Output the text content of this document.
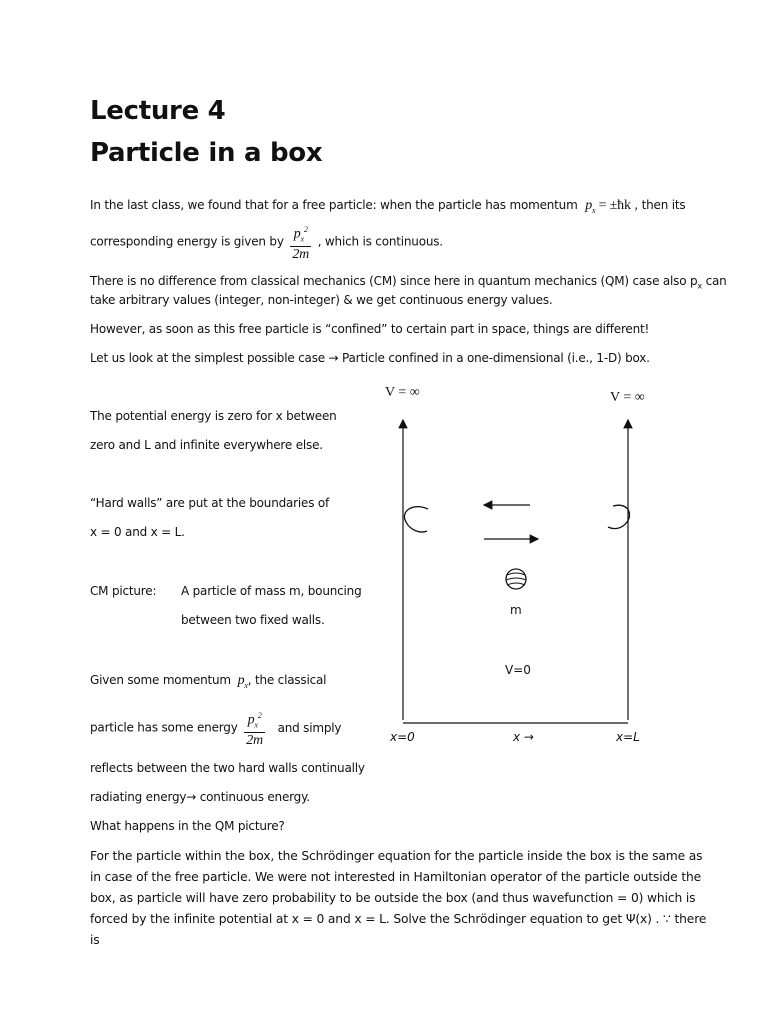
Lecture 4
Particle in a box
In the last class, we found that for a free particle: when the particle has momentum $p_x$ = ±ħk , then its
corresponding energy is given by $\frac{p_x^2}{2m}$ , which is continuous.
There is no difference from classical mechanics (CM) since here in quantum mechanics (QM) case also $p_x$ can
take arbitrary values (integer, non-integer) & we get continuous energy values.
However, as soon as this free particle is “confined” to certain part in space, things are different!
Let us look at the simplest possible case → Particle confined in a one-dimensional (i.e., 1-D) box.
The potential energy is zero for x between
zero and L and infinite everywhere else.
“Hard walls” are put at the boundaries of
x = 0 and x = L.
CM picture: A particle of mass m, bouncing
between two fixed walls.
Given some momentum $p_x$, the classical
particle has some energy $\frac{p_x^2}{2m}$ and simply
reflects between the two hard walls continually
radiating energy→ continuous energy.
What happens in the QM picture?
For the particle within the box, the Schrödinger equation for the particle inside the box is the same as in case of the free particle. We were not interested in Hamiltonian operator of the particle outside the box, as particle will have zero probability to be outside the box (and thus wavefunction = 0) which is forced by the infinite potential at x = 0 and x = L. Solve the Schrödinger equation to get Ψ(x) . ∵ there is
V = ∞	V = ∞
m
V=0
x=0	x →	x=L
